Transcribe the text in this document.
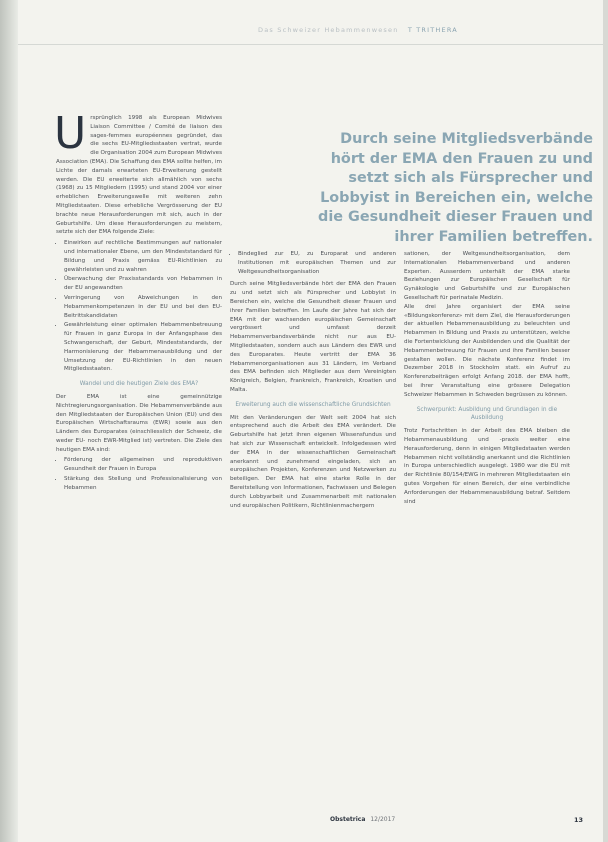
Das Schweizer Hebammenwesen T TRITHERA
Durch seine Mitgliedsverbände hört der EMA den Frauen zu und setzt sich als Fürsprecher und Lobbyist in Bereichen ein, welche die Gesundheit dieser Frauen und ihrer Familien betreffen.

Ursprünglich 1998 als European Midwives Liaison Committee / Comité de liaison des sages-femmes européennes gegründet, das die sechs EU-Mitgliedsstaaten vertrat, wurde die Organisation 2004 zum European Midwives Association (EMA). Die Schaffung des EMA sollte helfen, im Lichte der damals erwarteten EU-Erweiterung gestellt werden. Die EU erweiterte sich allmählich von sechs (1968) zu 15 Mitgliedern (1995) und stand 2004 vor einer erheblichen Erweiterungswelle mit weiteren zehn Mitgliedstaaten. Diese erhebliche Vergrösserung der EU brachte neue Herausforderungen mit sich, auch in der Geburtshilfe. Um diese Herausforderungen zu meistern, setzte sich der EMA folgende Ziele:

• Einwirken auf rechtliche Bestimmungen auf nationaler und internationaler Ebene, um den Mindeststandard für Bildung und Praxis gemäss EU-Richtlinien zu gewährleisten und zu wahren
• Überwachung der Praxisstandards von Hebammen in der EU angewandten
• Verringerung von Abweichungen in den Hebammenkompetenzen in der EU und bei den EU-Beitrittskandidaten
• Gewährleistung einer optimalen Hebammenbetreuung für Frauen in ganz Europa in der Anfangsphase des Schwangerschaft, der Geburt, Mindeststandards, der Harmonisierung der Hebammenausbildung und der Umsetzung der EU-Richtlinien in den neuen Mitgliedsstaaten.
Wandel und die heutigen Ziele des EMA?

Der EMA ist eine gemeinnützige Nichtregierungsorganisation. Die Hebammenverbände aus den Mitgliedstaaten der Europäischen Union (EU) und des Europäischen Wirtschaftsraums (EWR) sowie aus den Ländern des Europarates (einschliesslich der Schweiz, die weder EU- noch EWR-Mitglied ist) vertreten. Die Ziele des heutigen EMA sind:

• Förderung der allgemeinen und reproduktiven Gesundheit der Frauen in Europa
• Stärkung des Stellung und Professionalisierung von Hebammen
• Bindeglied zur EU, zu Europarat und anderen Institutionen mit europäischen Themen und zur Weltgesundheitsorganisation

Durch seine Mitgliedsverbände hört der EMA den Frauen zu und setzt sich als Fürsprecher und Lobbyist in Bereichen ein, welche die Gesundheit dieser Frauen und ihrer Familien betreffen. Im Laufe der Jahre hat sich der EMA mit der wachsenden europäischen Gemeinschaft vergrössert und umfasst derzeit Hebammenverbandsverbände nicht nur aus EU-Mitgliedstaaten, sondern auch aus Ländern des EWR und des Europarates. Heute vertritt der EMA 36 Hebammenorganisationen aus 31 Ländern, im Verband des EMA befinden sich Mitglieder aus dem Vereinigten Königreich, Belgien, Frankreich, Frankreich, Kroatien und Malta.

Erweiterung auch die wissenschaftliche Grundsichten

Mit den Veränderungen der Welt seit 2004 hat sich entsprechend auch die Arbeit des EMA verändert. Die Geburtshilfe hat jetzt ihren eigenen Wissensfundus und hat sich zur Wissenschaft entwickelt. Infolgedessen wird der EMA in der wissenschaftlichen Gemeinschaft anerkannt und zunehmend eingeladen, sich an europäischen Projekten, Konferenzen und Netzwerken zu beteiligen. Der EMA hat eine starke Rolle in der Bereitstellung von Informationen, Fachwissen und Belegen durch Lobbyarbeit und Zusammenarbeit mit nationalen und europäischen Politikern, Richtlinienmachergern

sationen, der Weltgesundheitsorganisation, dem Internationalen Hebammenverband und anderen Experten. Ausserdem unterhält der EMA starke Beziehungen zur Europäischen Gesellschaft für Gynäkologie und Geburtshilfe und zur Europäischen Gesellschaft für perinatale Medizin.

Alle drei Jahre organisiert der EMA seine «Bildungskonferenz» mit dem Ziel, die Herausforderungen der aktuellen Hebammenausbildung zu beleuchten und Hebammen in Bildung und Praxis zu unterstützen, welche die Fortentwicklung der Ausbildenden und die Qualität der Hebammenbetreuung für Frauen und ihre Familien besser gestalten wollen. Die nächste Konferenz findet im Dezember 2018 in Stockholm statt. ein Aufruf zu Konferenzbeiträgen erfolgt Anfang 2018. der EMA hofft, bei ihrer Veranstaltung eine grössere Delegation Schweizer Hebammen in Schweden begrüssen zu können.

Schwerpunkt: Ausbildung und Grundlagen in die Ausbildung

Trotz Fortschritten in der Arbeit des EMA bleiben die Hebammenausbildung und -praxis weiter eine Herausforderung, denn in einigen Mitgliedstaaten werden Hebammen nicht vollständig anerkannt und die Richtlinien in Europa unterschiedlich ausgelegt. 1980 war die EU mit der Richtlinie 80/154/EWG in mehreren Mitgliedstaaten ein gutes Vorgehen für einen Bereich, der eine verbindliche Anforderungen der Hebammenausbildung betraf. Seitdem sind

Obstetrica 12/2017	13
